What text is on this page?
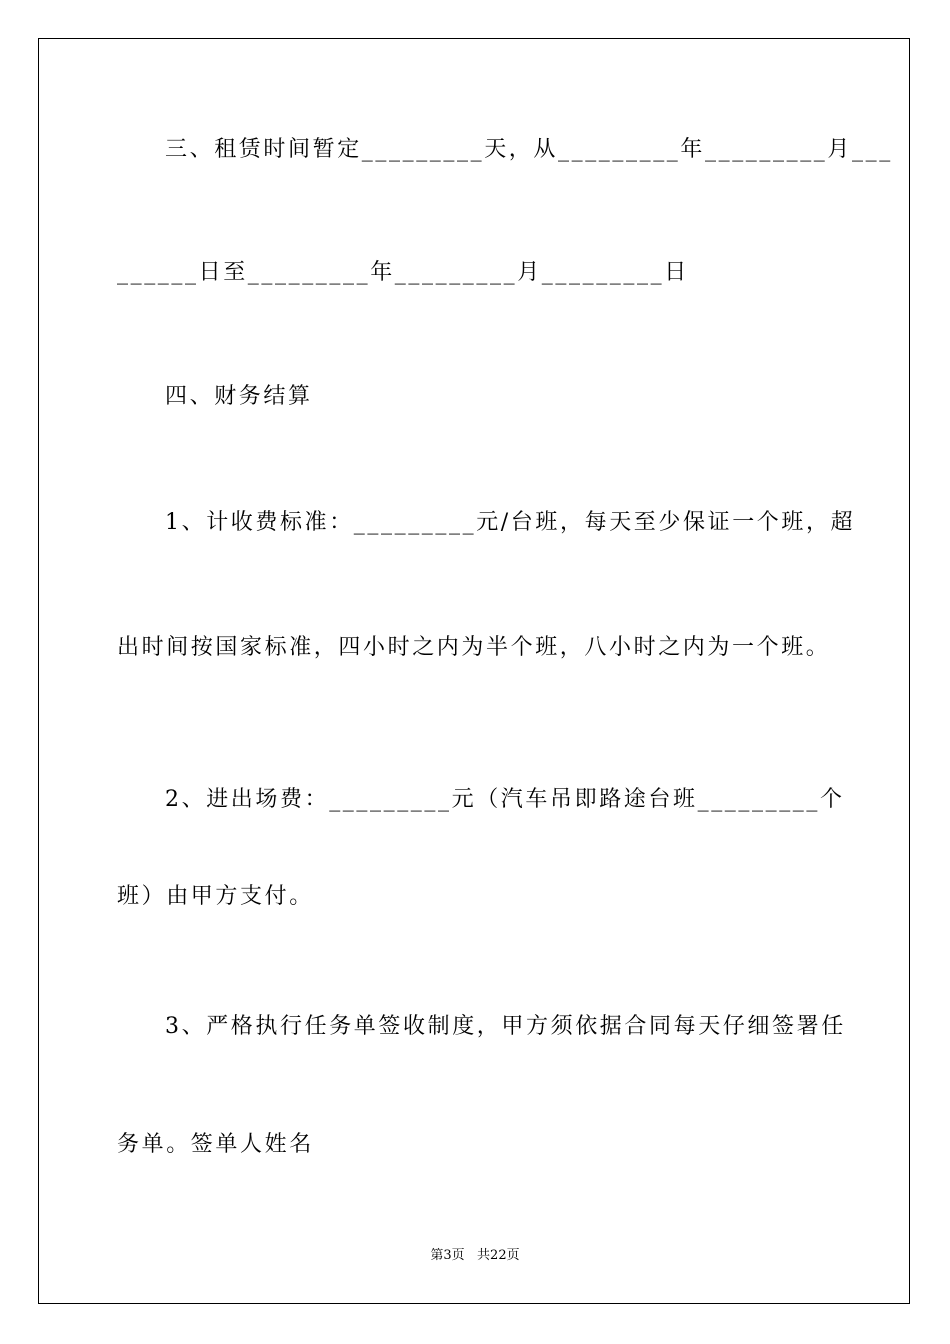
三、租赁时间暂定_________天，从_________年_________月___
______日至_________年_________月_________日
四、财务结算
1、计收费标准：_________元/台班，每天至少保证一个班，超
出时间按国家标准，四小时之内为半个班，八小时之内为一个班。
2、进出场费：_________元（汽车吊即路途台班_________个
班）由甲方支付。
3、严格执行任务单签收制度，甲方须依据合同每天仔细签署任
务单。签单人姓名
第3页   共22页
